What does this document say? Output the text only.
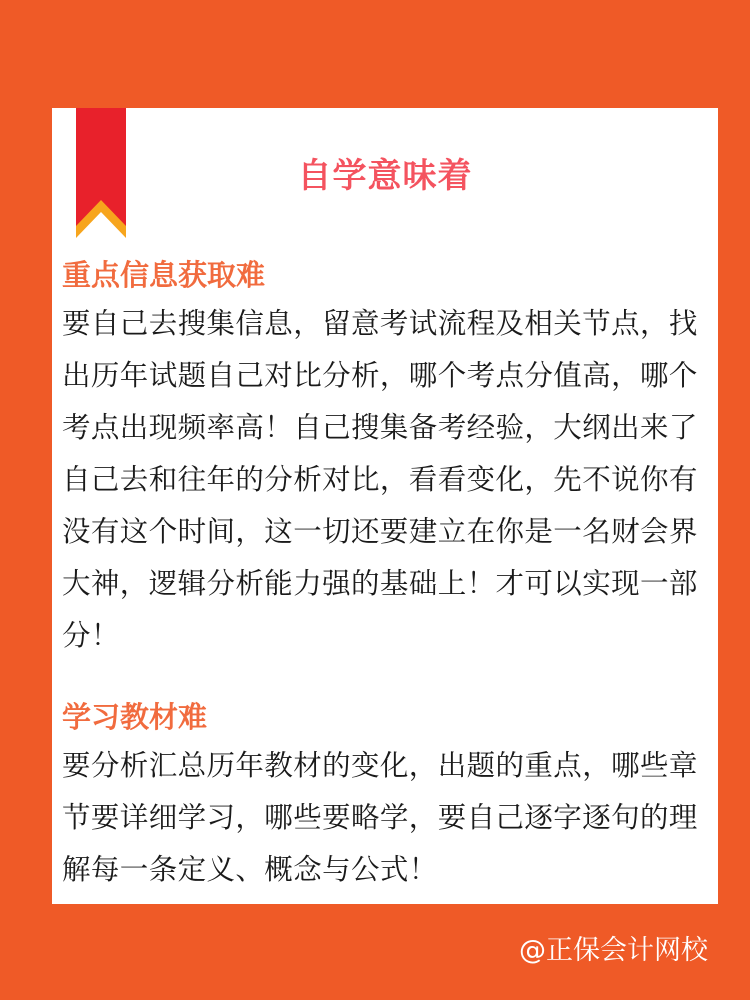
自学意味着

重点信息获取难

要自己去搜集信息，留意考试流程及相关节点，找出历年试题自己对比分析，哪个考点分值高，哪个考点出现频率高！自己搜集备考经验，大纲出来了自己去和往年的分析对比，看看变化，先不说你有没有这个时间，这一切还要建立在你是一名财会界大神，逻辑分析能力强的基础上！才可以实现一部分！

学习教材难

要分析汇总历年教材的变化，出题的重点，哪些章节要详细学习，哪些要略学，要自己逐字逐句的理解每一条定义、概念与公式！

@正保会计网校
